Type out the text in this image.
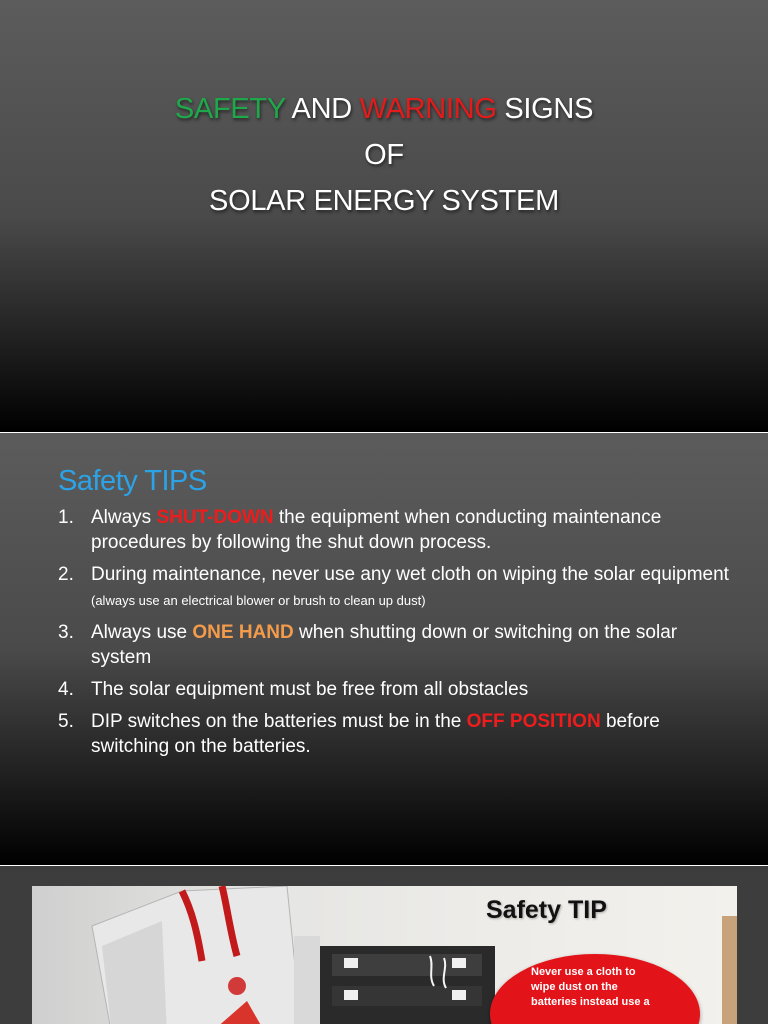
SAFETY AND WARNING SIGNS
OF
SOLAR ENERGY SYSTEM
Safety TIPS
1. Always SHUT-DOWN the equipment when conducting maintenance procedures by following the shut down process.
2. During maintenance, never use any wet cloth on wiping the solar equipment (always use an electrical blower or brush to clean up dust)
3. Always use ONE HAND when shutting down or switching on the solar system
4. The solar equipment must be free from all obstacles
5. DIP switches on the batteries must be in the OFF POSITION before switching on the batteries.
Safety TIP
Never use a cloth to wipe dust on the batteries instead use a
